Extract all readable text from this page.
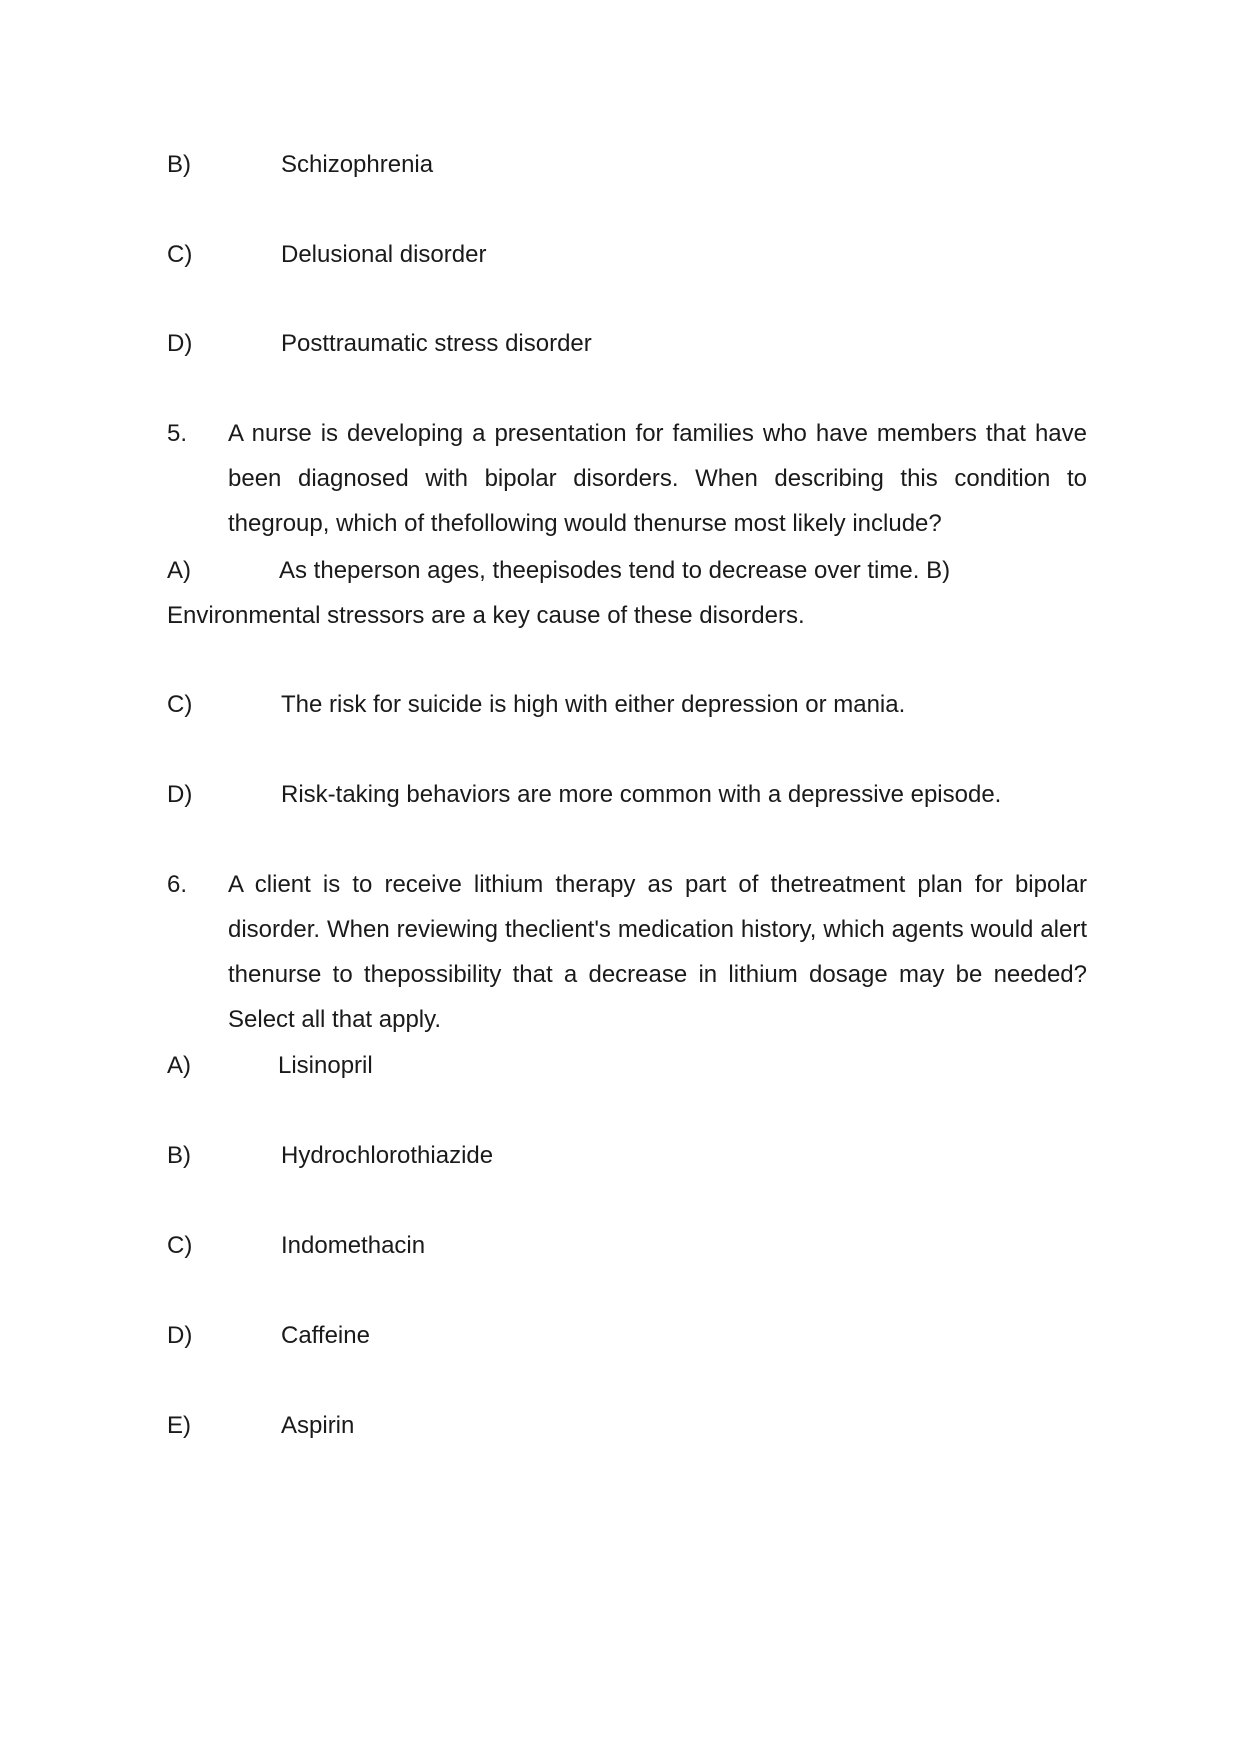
B)	Schizophrenia
C)	Delusional disorder
D)	Posttraumatic stress disorder
5. A nurse is developing a presentation for families who have members that have been diagnosed with bipolar disorders. When describing this condition to thegroup, which of thefollowing would thenurse most likely include?
A)	As theperson ages, theepisodes tend to decrease over time. B)
Environmental stressors are a key cause of these disorders.
C)	The risk for suicide is high with either depression or mania.
D)	Risk-taking behaviors are more common with a depressive episode.
6. A client is to receive lithium therapy as part of thetreatment plan for bipolar disorder. When reviewing theclient's medication history, which agents would alert thenurse to thepossibility that a decrease in lithium dosage may be needed? Select all that apply.
A)	Lisinopril
B)	Hydrochlorothiazide
C)	Indomethacin
D)	Caffeine
E)	Aspirin
